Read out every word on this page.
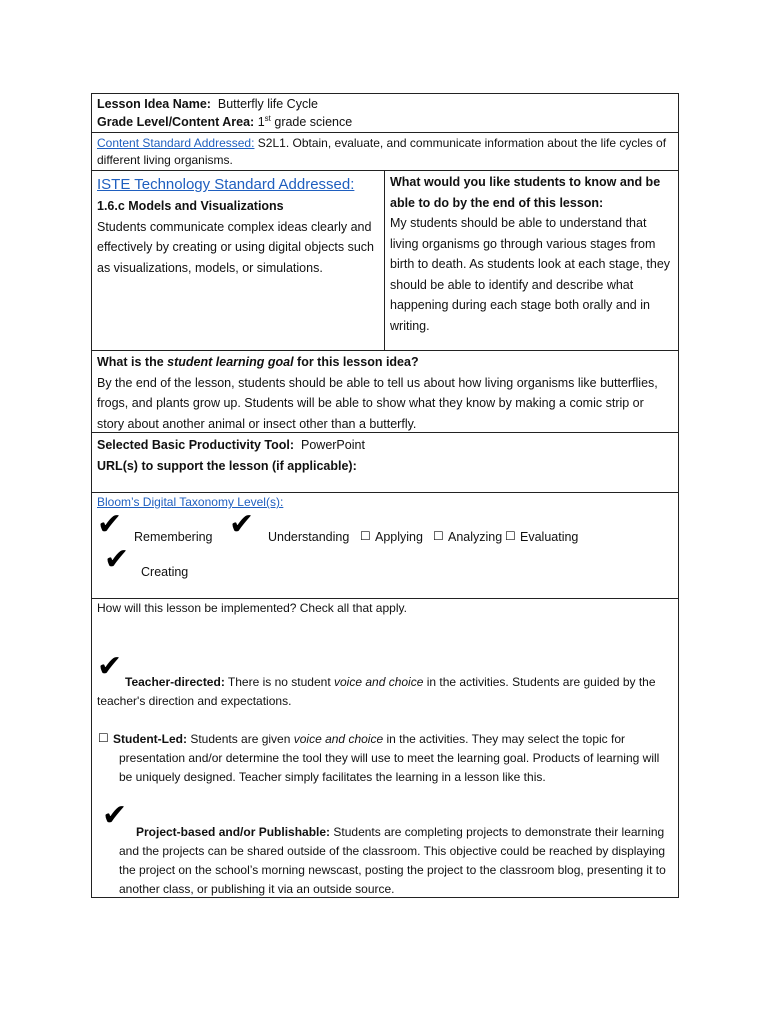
Lesson Idea Name: Butterfly life Cycle

Grade Level/Content Area: 1st grade science

Content Standard Addressed: S2L1. Obtain, evaluate, and communicate information about the life cycles of different living organisms.

ISTE Technology Standard Addressed:

1.6.c Models and Visualizations

Students communicate complex ideas clearly and effectively by creating or using digital objects such as visualizations, models, or simulations.

What would you like students to know and be able to do by the end of this lesson:

My students should be able to understand that living organisms go through various stages from birth to death. As students look at each stage, they should be able to identify and describe what happening during each stage both orally and in writing.

What is the student learning goal for this lesson idea?

By the end of the lesson, students should be able to tell us about how living organisms like butterflies, frogs, and plants grow up. Students will be able to show what they know by making a comic strip or story about another animal or insect other than a butterfly.

Selected Basic Productivity Tool: PowerPoint

URL(s) to support the lesson (if applicable):

Bloom’s Digital Taxonomy Level(s):
✔ Remembering ✔ Understanding ☐ Applying ☐ Analyzing ☐ Evaluating
✔ Creating

How will this lesson be implemented? Check all that apply.

✔ Teacher-directed: There is no student voice and choice in the activities. Students are guided by the teacher's direction and expectations.

☐ Student-Led: Students are given voice and choice in the activities. They may select the topic for presentation and/or determine the tool they will use to meet the learning goal. Products of learning will be uniquely designed. Teacher simply facilitates the learning in a lesson like this.

✔ Project-based and/or Publishable: Students are completing projects to demonstrate their learning and the projects can be shared outside of the classroom. This objective could be reached by displaying the project on the school’s morning newscast, posting the project to the classroom blog, presenting it to another class, or publishing it via an outside source.
